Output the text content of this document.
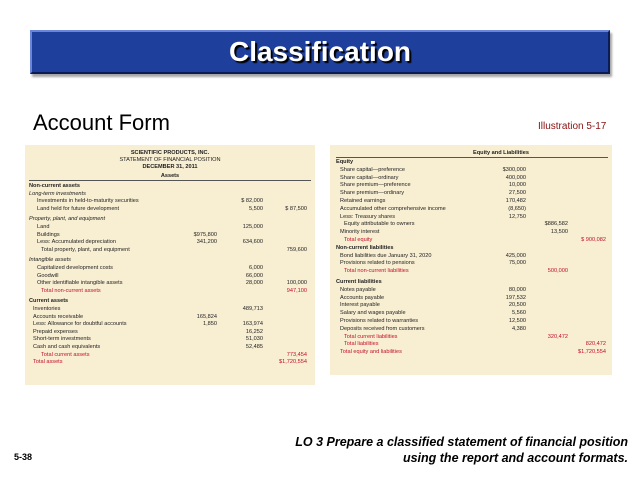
Classification
Account Form	Illustration 5-17
SCIENTIFIC PRODUCTS, INC.
STATEMENT OF FINANCIAL POSITION
DECEMBER 31, 2011
Assets
Non-current assets
Long-term investments
Investments in held-to-maturity securities	$ 82,000
Land held for future development	5,500	$ 87,500
Property, plant, and equipment
Land	125,000
Buildings	$975,800
Less: Accumulated depreciation	341,200	634,600
Total property, plant, and equipment	759,600
Intangible assets
Capitalized development costs	6,000
Goodwill	66,000
Other identifiable intangible assets	28,000	100,000
Total non-current assets	947,100
Current assets
Inventories	489,713
Accounts receivable	165,824
Less: Allowance for doubtful accounts	1,850	163,974
Prepaid expenses	16,252
Short-term investments	51,030
Cash and cash equivalents	52,485
Total current assets	773,454
Total assets	$1,720,554
Equity and Liabilities
Equity
Share capital—preference	$300,000
Share capital—ordinary	400,000
Share premium—preference	10,000
Share premium—ordinary	27,500
Retained earnings	170,482
Accumulated other comprehensive income	(8,650)
Less: Treasury shares	12,750
Equity attributable to owners	$886,582
Minority interest	13,500
Total equity	$ 900,082
Non-current liabilities
Bond liabilities due January 31, 2020	425,000
Provisions related to pensions	75,000
Total non-current liabilities	500,000
Current liabilities
Notes payable	80,000
Accounts payable	197,532
Interest payable	20,500
Salary and wages payable	5,560
Provisions related to warranties	12,500
Deposits received from customers	4,380
Total current liabilities	320,472
Total liabilities	820,472
Total equity and liabilities	$1,720,554
LO 3 Prepare a classified statement of financial position
using the report and account formats.
5-38
